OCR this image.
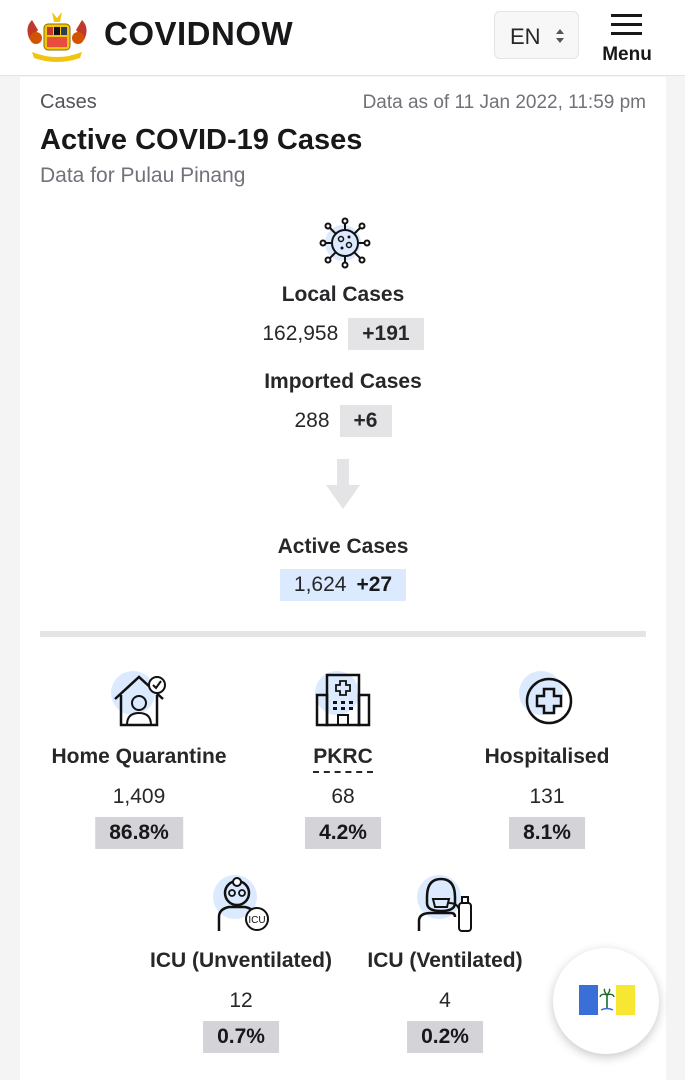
COVIDNOW	EN
Menu
Cases	Data as of 11 Jan 2022, 11:59 pm
Active COVID-19 Cases
Data for Pulau Pinang
Local Cases
162,958	+191
Imported Cases
288	+6
Active Cases
1,624 +27
Home Quarantine
1,409
86.8%
PKRC
68
4.2%
Hospitalised
131
8.1%
ICU
ICU (Unventilated)
12
0.7%
ICU (Ventilated)
4
0.2%
